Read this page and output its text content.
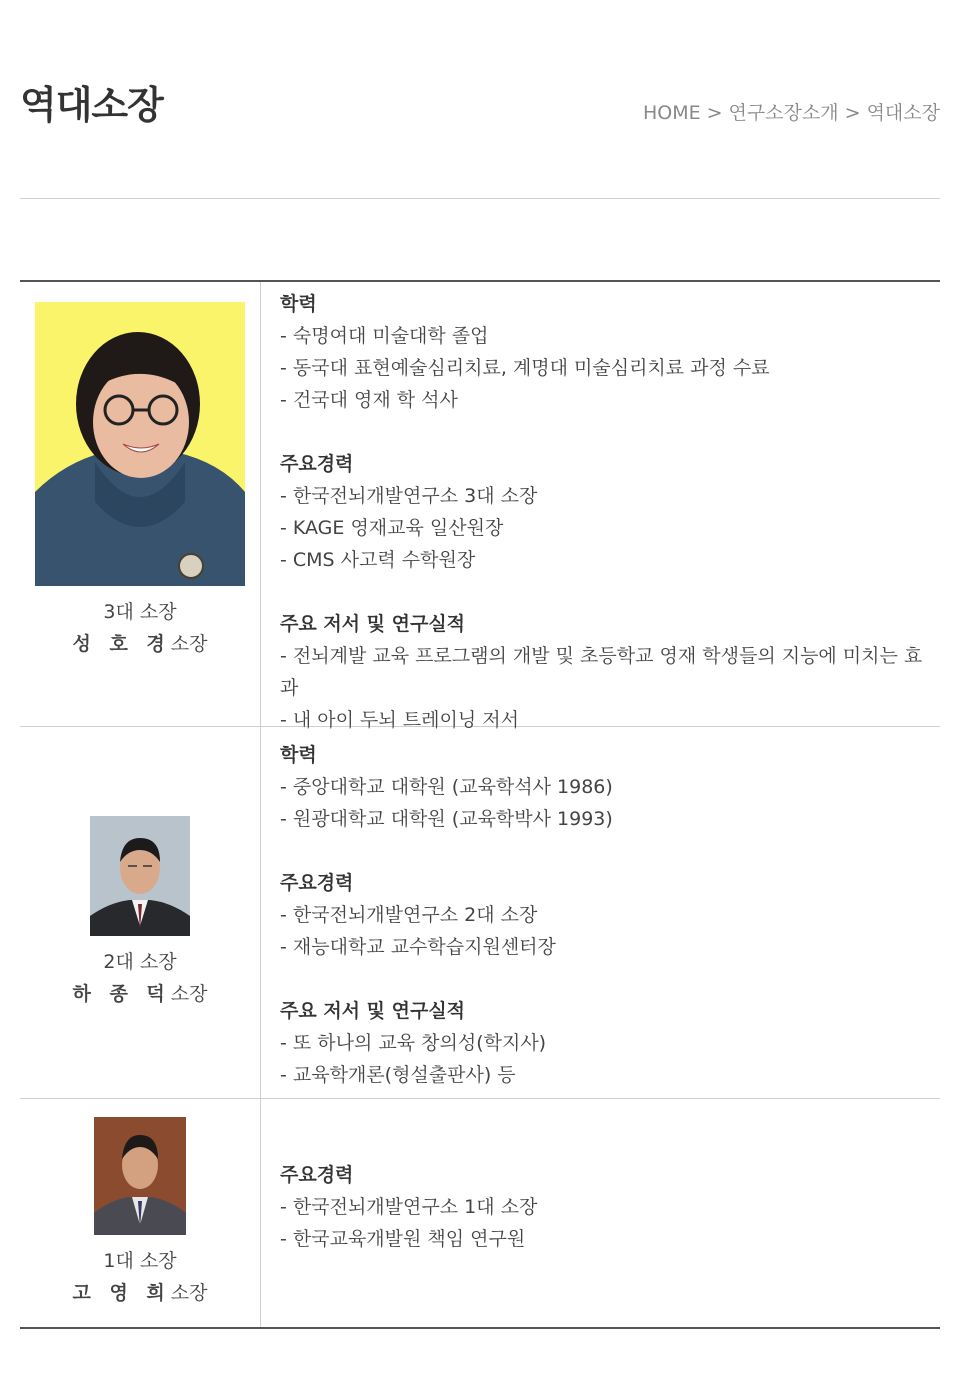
역대소장	HOME > 연구소장소개 > 역대소장
3대 소장
성 호 경소장
학력
- 숙명여대 미술대학 졸업
- 동국대 표현예술심리치료, 계명대 미술심리치료 과정 수료
- 건국대 영재 학 석사
주요경력
- 한국전뇌개발연구소 3대 소장
- KAGE 영재교육 일산원장
- CMS 사고력 수학원장
주요 저서 및 연구실적
- 전뇌계발 교육 프로그램의 개발 및 초등학교 영재 학생들의 지능에 미치는 효과
- 내 아이 두뇌 트레이닝 저서
2대 소장
하 종 덕소장
학력
- 중앙대학교 대학원 (교육학석사 1986)
- 원광대학교 대학원 (교육학박사 1993)
주요경력
- 한국전뇌개발연구소 2대 소장
- 재능대학교 교수학습지원센터장
주요 저서 및 연구실적
- 또 하나의 교육 창의성(학지사)
- 교육학개론(형설출판사) 등
1대 소장
고 영 희소장
주요경력
- 한국전뇌개발연구소 1대 소장
- 한국교육개발원 책임 연구원
